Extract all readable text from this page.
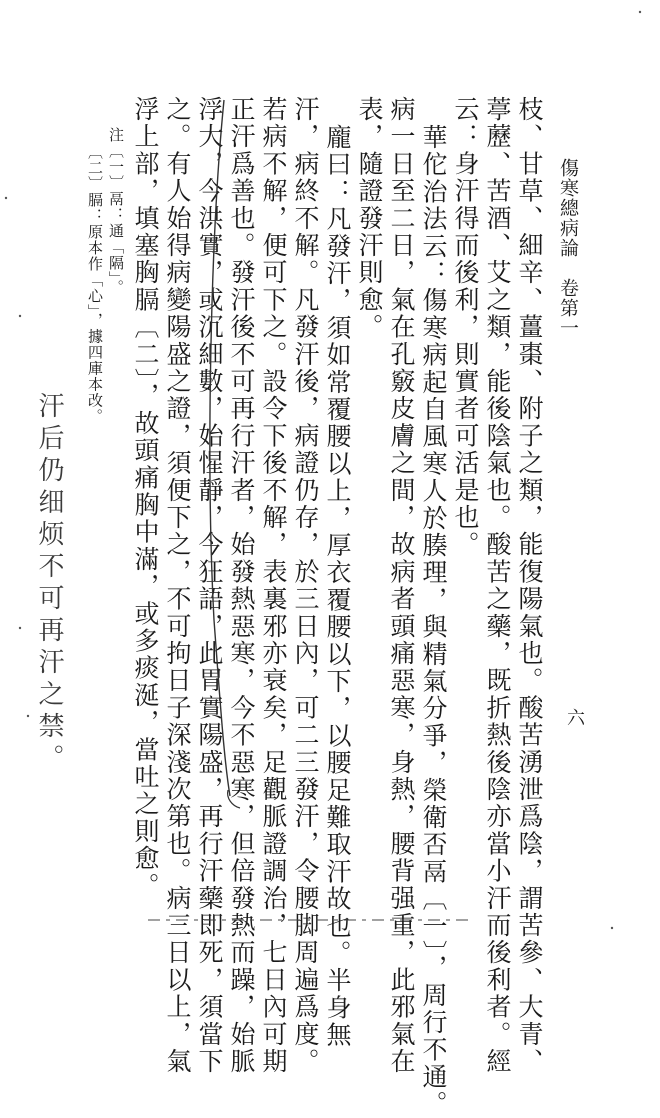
傷寒總病論　卷第一
六
枝、甘草、細辛、薑棗、附子之類，能復陽氣也。酸苦湧泄爲陰，謂苦參、大青、
葶藶、苦酒、艾之類，能後陰氣也。酸苦之藥，既折熱後陰亦當小汗而後利者。經
云：身汗得而後利，則實者可活是也。
華佗治法云：傷寒病起自風寒人於腠理，與精氣分爭，榮衛否鬲〔一〕，周行不通。
病一日至二日，氣在孔竅皮膚之間，故病者頭痛惡寒，身熱，腰背强重，此邪氣在
表，隨證發汗則愈。
龐曰：凡發汗，須如常覆腰以上，厚衣覆腰以下，以腰足難取汗故也。半身無
汗，病終不解。凡發汗後，病證仍存，於三日內，可二三發汗，令腰脚周遍爲度。
若病不解，便可下之。設令下後不解，表裏邪亦衰矣，足觀脈證調治，七日內可期
正汗爲善也。發汗後不可再行汗者，始發熱惡寒，今不惡寒，但倍發熱而躁，始脈
浮大，今洪實，或沉細數，始惺靜，今狂語，此胃實陽盛，再行汗藥即死，須當下
之。有人始得病變陽盛之證，須便下之，不可拘日子深淺次第也。病三日以上，氣
浮上部，填塞胸膈〔二〕，故頭痛胸中滿，或多痰涎，當吐之則愈。
注〔一〕鬲：通「隔」。
〔二〕膈：原本作「心」，據四庫本改。
汗后仍细烦不可再汗之禁。
